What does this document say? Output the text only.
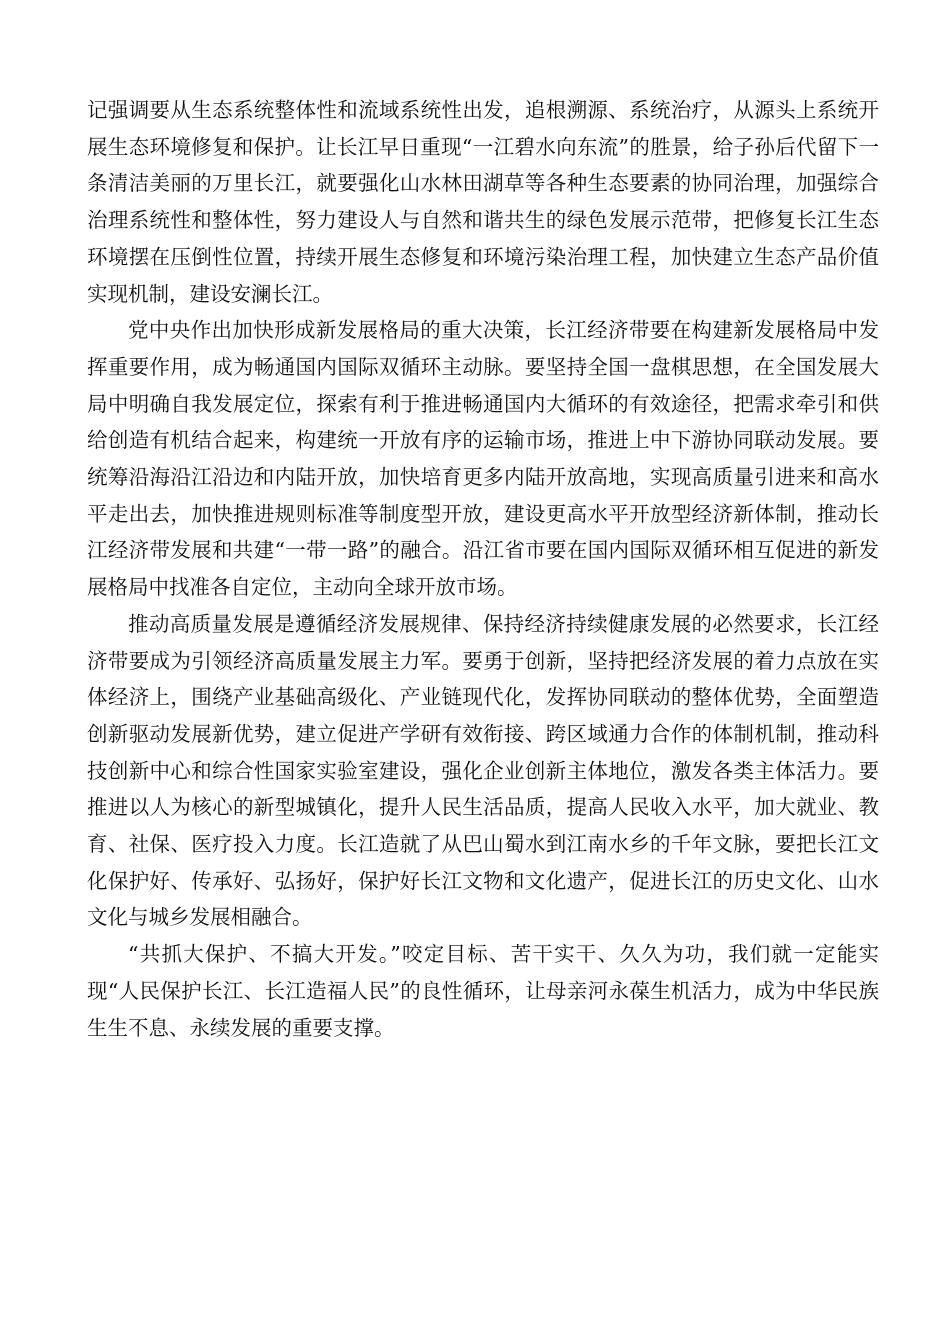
记强调要从生态系统整体性和流域系统性出发，追根溯源、系统治疗，从源头上系统开展生态环境修复和保护。让长江早日重现“一江碧水向东流”的胜景，给子孙后代留下一条清洁美丽的万里长江，就要强化山水林田湖草等各种生态要素的协同治理，加强综合治理系统性和整体性，努力建设人与自然和谐共生的绿色发展示范带，把修复长江生态环境摆在压倒性位置，持续开展生态修复和环境污染治理工程，加快建立生态产品价值实现机制，建设安澜长江。

党中央作出加快形成新发展格局的重大决策，长江经济带要在构建新发展格局中发挥重要作用，成为畅通国内国际双循环主动脉。要坚持全国一盘棋思想，在全国发展大局中明确自我发展定位，探索有利于推进畅通国内大循环的有效途径，把需求牵引和供给创造有机结合起来，构建统一开放有序的运输市场，推进上中下游协同联动发展。要统筹沿海沿江沿边和内陆开放，加快培育更多内陆开放高地，实现高质量引进来和高水平走出去，加快推进规则标准等制度型开放，建设更高水平开放型经济新体制，推动长江经济带发展和共建“一带一路”的融合。沿江省市要在国内国际双循环相互促进的新发展格局中找准各自定位，主动向全球开放市场。

推动高质量发展是遵循经济发展规律、保持经济持续健康发展的必然要求，长江经济带要成为引领经济高质量发展主力军。要勇于创新，坚持把经济发展的着力点放在实体经济上，围绕产业基础高级化、产业链现代化，发挥协同联动的整体优势，全面塑造创新驱动发展新优势，建立促进产学研有效衔接、跨区域通力合作的体制机制，推动科技创新中心和综合性国家实验室建设，强化企业创新主体地位，激发各类主体活力。要推进以人为核心的新型城镇化，提升人民生活品质，提高人民收入水平，加大就业、教育、社保、医疗投入力度。长江造就了从巴山蜀水到江南水乡的千年文脉，要把长江文化保护好、传承好、弘扬好，保护好长江文物和文化遗产，促进长江的历史文化、山水文化与城乡发展相融合。

“共抓大保护、不搞大开发。”咬定目标、苦干实干、久久为功，我们就一定能实现“人民保护长江、长江造福人民”的良性循环，让母亲河永葆生机活力，成为中华民族生生不息、永续发展的重要支撑。
